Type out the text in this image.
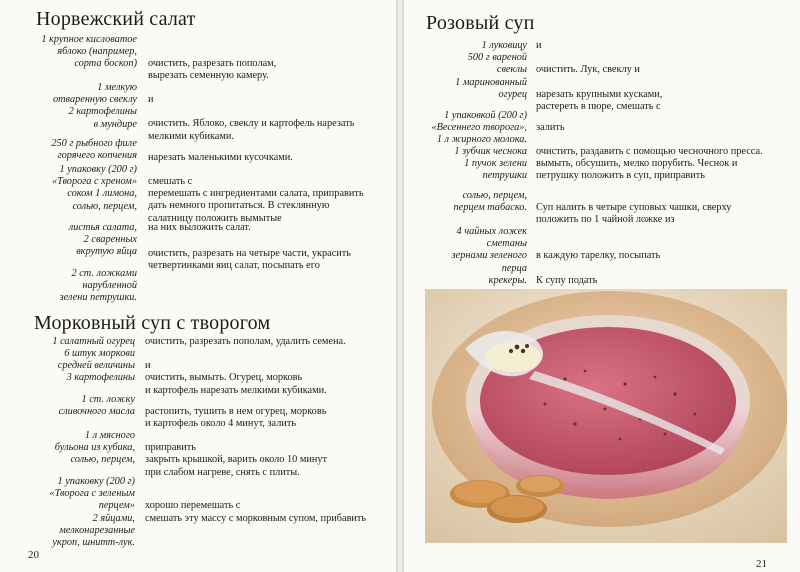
Норвежский салат
1 крупное кисловатое
яблоко (например,
сорта боскоп) очистить, разрезать пополам,
вырезать семенную камеру.
1 мелкую
отваренную свеклу
2 картофелины
в мундире
и

очистить. Яблоко, свеклу и картофель нарезать
мелкими кубиками.
250 г рыбного филе
горячего копчения нарезать маленькими кусочками.
1 упаковку (200 г)
«Творога с хреном»
соком 1 лимона,
солью, перцем,
смешать с
перемешать с ингредиентами салата, приправить
дать немного пропитаться. В стеклянную
салатницу положить вымытые
листья салата, на них выложить салат.
2 сваренных
вкрутую яйца очистить, разрезать на четыре части, украсить
четвертинками яиц салат, посыпать его
2 ст. ложками
нарубленной
зелени петрушки.
Морковный суп с творогом
1 салатный огурец очистить, разрезать пополам, удалить семена.
6 штук моркови
средней величины
3 картофелины

и
очистить, вымыть. Огурец, морковь
и картофель нарезать мелкими кубиками.
1 ст. ложку
сливочного масла растопить, тушить в нем огурец, морковь
и картофель около 4 минут, залить
1 л мясного
бульона из кубика,
солью, перцем,

приправить
закрыть крышкой, варить около 10 минут
при слабом нагреве, снять с плиты.
1 упаковку (200 г)
«Творога с зеленым
перцем»
2 яйцами,
мелконарезанные
укроп, шнитт-лук.

хорошо перемешать с
смешать эту массу с морковным супом, прибавить
20
Розовый суп
1 луковицу
500 г вареной
свеклы
1 маринованный
огурец
и

очистить. Лук, свеклу и

нарезать крупными кусками,
растереть в пюре, смешать с
1 упаковкой (200 г)
«Весеннего творога»,
1 л жирного молока.
залить
1 зубчик чеснока
1 пучок зелени
петрушки
очистить, раздавить с помощью чесночного пресса.
вымыть, обсушить, мелко порубить. Чеснок и
петрушку положить в суп, приправить
солью, перцем,
перцем табаско. Суп налить в четыре суповых чашки, сверху
положить по 1 чайной ложке из
4 чайных ложек
сметаны
зернами зеленого
перца
крекеры.

в каждую тарелку, посыпать

К супу подать
21
